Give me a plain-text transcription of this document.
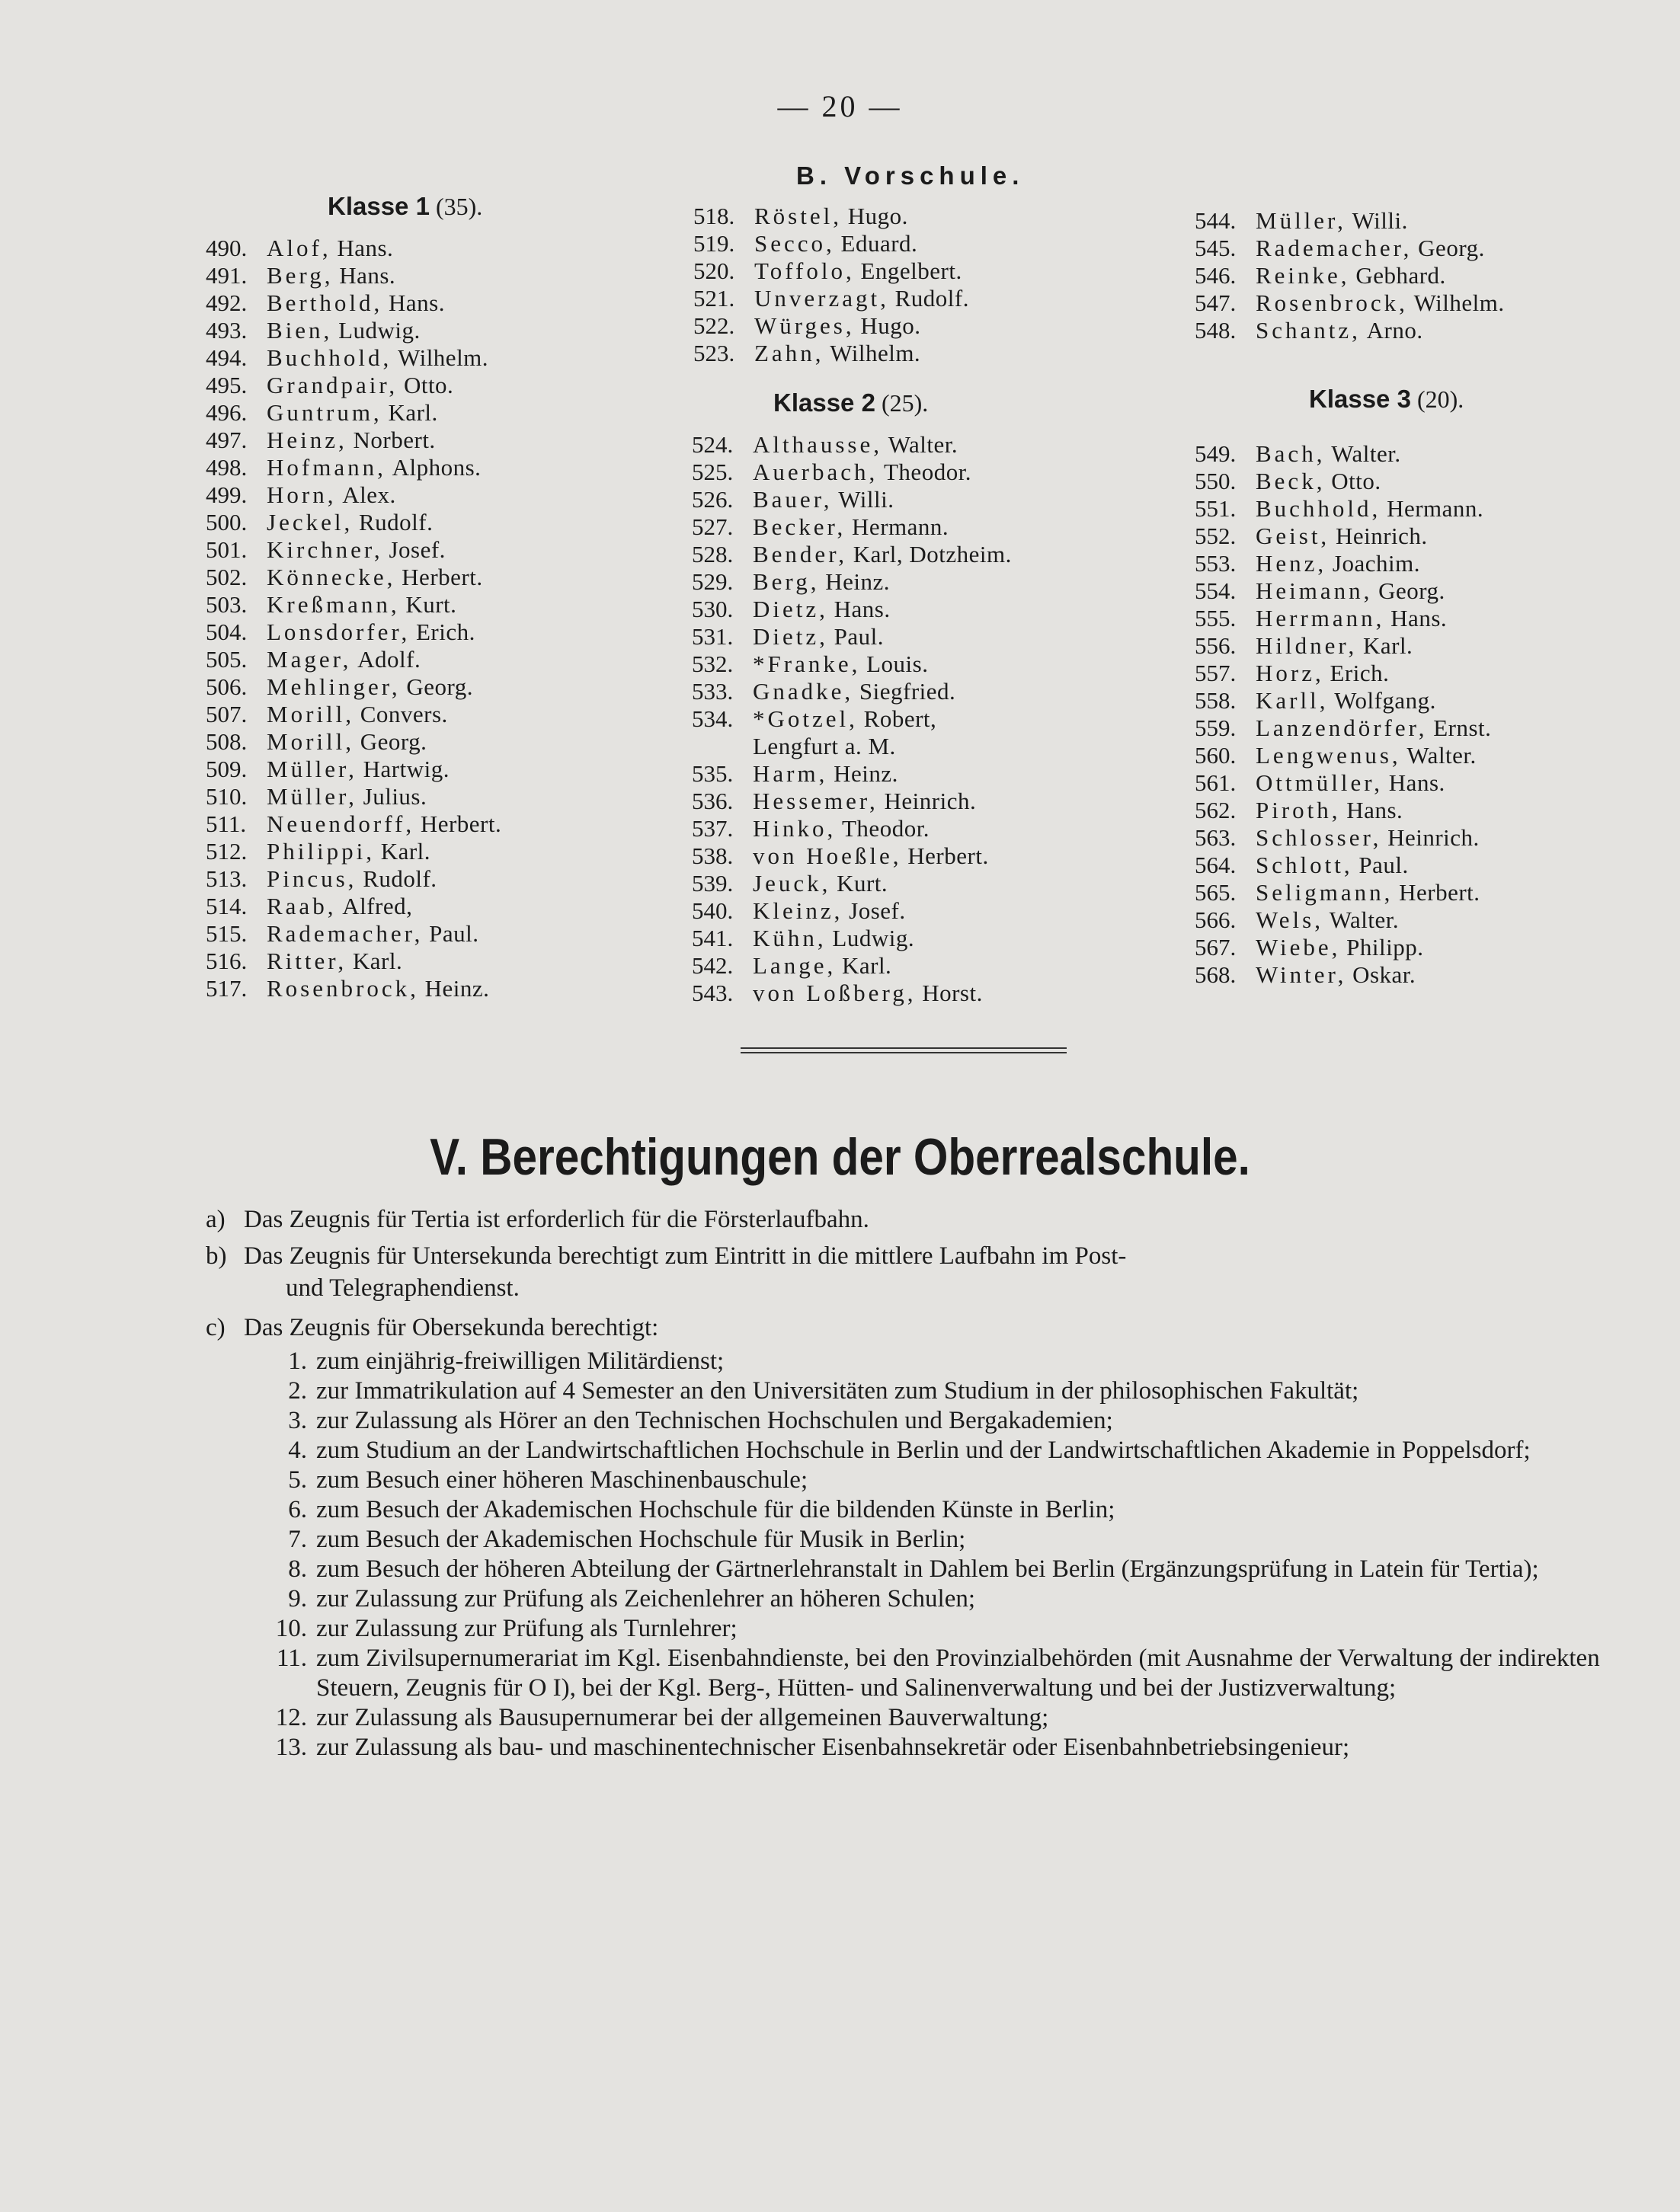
— 20 —
Klasse 1 (35).
490. Alof, Hans.
491. Berg, Hans.
492. Berthold, Hans.
493. Bien, Ludwig.
494. Buchhold, Wilhelm.
495. Grandpair, Otto.
496. Guntrum, Karl.
497. Heinz, Norbert.
498. Hofmann, Alphons.
499. Horn, Alex.
500. Jeckel, Rudolf.
501. Kirchner, Josef.
502. Könnecke, Herbert.
503. Kreßmann, Kurt.
504. Lonsdorfer, Erich.
505. Mager, Adolf.
506. Mehlinger, Georg.
507. Morill, Convers.
508. Morill, Georg.
509. Müller, Hartwig.
510. Müller, Julius.
511. Neuendorff, Herbert.
512. Philippi, Karl.
513. Pincus, Rudolf.
514. Raab, Alfred,
515. Rademacher, Paul.
516. Ritter, Karl.
517. Rosenbrock, Heinz.
B. Vorschule.
518. Röstel, Hugo.
519. Secco, Eduard.
520. Toffolo, Engelbert.
521. Unverzagt, Rudolf.
522. Würges, Hugo.
523. Zahn, Wilhelm.
Klasse 2 (25).
524. Althausse, Walter.
525. Auerbach, Theodor.
526. Bauer, Willi.
527. Becker, Hermann.
528. Bender, Karl, Dotzheim.
529. Berg, Heinz.
530. Dietz, Hans.
531. Dietz, Paul.
532. *Franke, Louis.
533. Gnadke, Siegfried.
534. *Gotzel, Robert,
Lengfurt a. M.
535. Harm, Heinz.
536. Hessemer, Heinrich.
537. Hinko, Theodor.
538. von Hoeßle, Herbert.
539. Jeuck, Kurt.
540. Kleinz, Josef.
541. Kühn, Ludwig.
542. Lange, Karl.
543. von Loßberg, Horst.
544. Müller, Willi.
545. Rademacher, Georg.
546. Reinke, Gebhard.
547. Rosenbrock, Wilhelm.
548. Schantz, Arno.
Klasse 3 (20).
549. Bach, Walter.
550. Beck, Otto.
551. Buchhold, Hermann.
552. Geist, Heinrich.
553. Henz, Joachim.
554. Heimann, Georg.
555. Herrmann, Hans.
556. Hildner, Karl.
557. Horz, Erich.
558. Karll, Wolfgang.
559. Lanzendörfer, Ernst.
560. Lengwenus, Walter.
561. Ottmüller, Hans.
562. Piroth, Hans.
563. Schlosser, Heinrich.
564. Schlott, Paul.
565. Seligmann, Herbert.
566. Wels, Walter.
567. Wiebe, Philipp.
568. Winter, Oskar.
V. Berechtigungen der Oberrealschule.
a) Das Zeugnis für Tertia ist erforderlich für die Försterlaufbahn.
b) Das Zeugnis für Untersekunda berechtigt zum Eintritt in die mittlere Laufbahn im Post-
und Telegraphendienst.
c) Das Zeugnis für Obersekunda berechtigt:
1. zum einjährig-freiwilligen Militärdienst;
2. zur Immatrikulation auf 4 Semester an den Universitäten zum Studium in der philosophischen Fakultät;
3. zur Zulassung als Hörer an den Technischen Hochschulen und Bergakademien;
4. zum Studium an der Landwirtschaftlichen Hochschule in Berlin und der Landwirtschaftlichen Akademie in Poppelsdorf;
5. zum Besuch einer höheren Maschinenbauschule;
6. zum Besuch der Akademischen Hochschule für die bildenden Künste in Berlin;
7. zum Besuch der Akademischen Hochschule für Musik in Berlin;
8. zum Besuch der höheren Abteilung der Gärtnerlehranstalt in Dahlem bei Berlin (Ergänzungsprüfung in Latein für Tertia);
9. zur Zulassung zur Prüfung als Zeichenlehrer an höheren Schulen;
10. zur Zulassung zur Prüfung als Turnlehrer;
11. zum Zivilsupernumerariat im Kgl. Eisenbahndienste, bei den Provinzialbehörden (mit Ausnahme der Verwaltung der indirekten Steuern, Zeugnis für O I), bei der Kgl. Berg-, Hütten- und Salinenverwaltung und bei der Justizverwaltung;
12. zur Zulassung als Bausupernumerar bei der allgemeinen Bauverwaltung;
13. zur Zulassung als bau- und maschinentechnischer Eisenbahnsekretär oder Eisenbahnbetriebsingenieur;
